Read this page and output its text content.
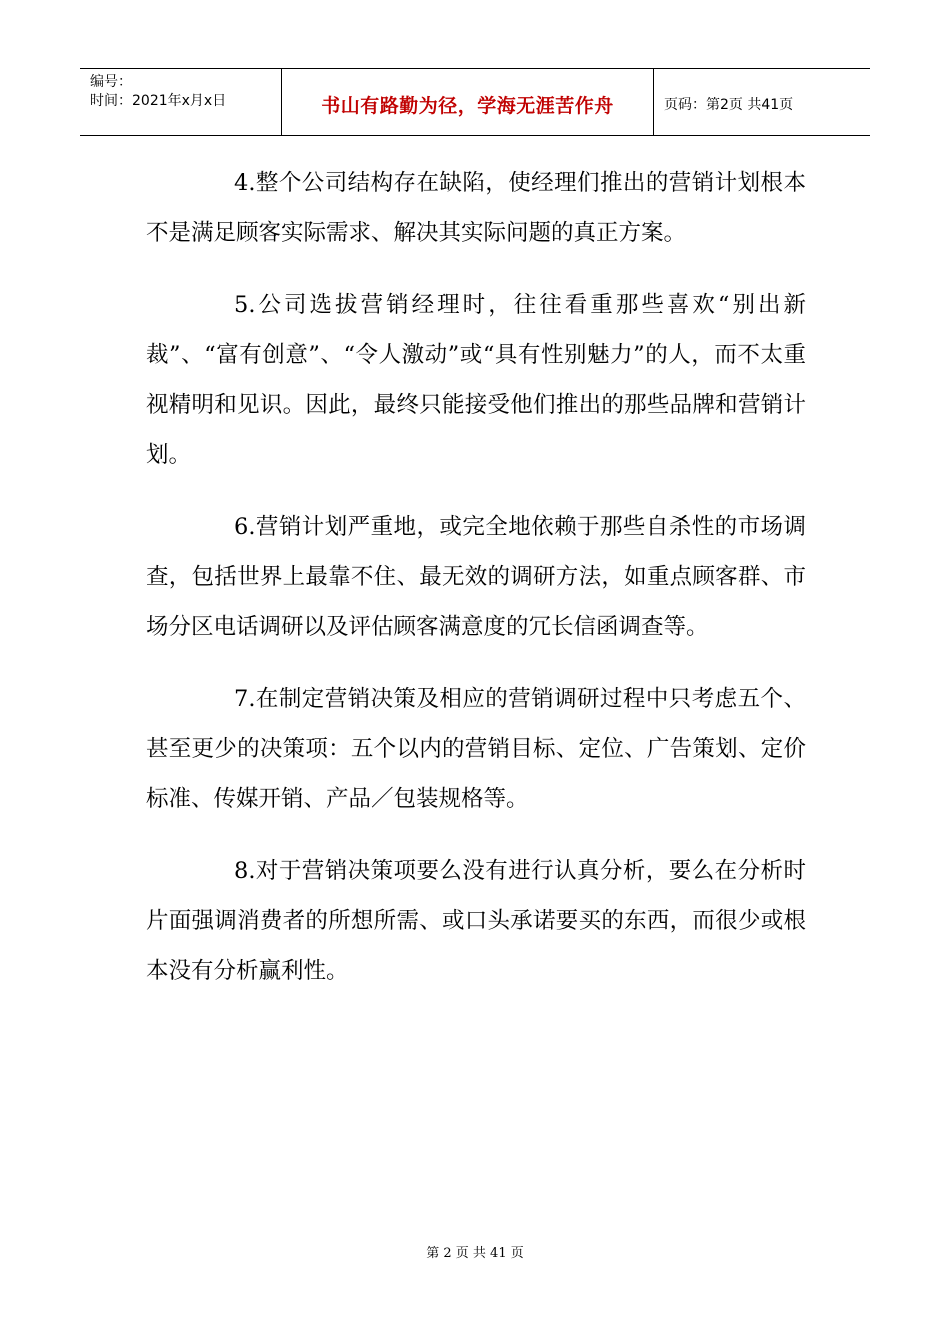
编号：
时间：2021年x月x日	书山有路勤为径，学海无涯苦作舟	页码：第2页 共41页

4.整个公司结构存在缺陷，使经理们推出的营销计划根本不是满足顾客实际需求、解决其实际问题的真正方案。

5.公司选拔营销经理时，往往看重那些喜欢“别出新裁”、“富有创意”、“令人激动”或“具有性别魅力”的人，而不太重视精明和见识。因此，最终只能接受他们推出的那些品牌和营销计划。

6.营销计划严重地，或完全地依赖于那些自杀性的市场调查，包括世界上最靠不住、最无效的调研方法，如重点顾客群、市场分区电话调研以及评估顾客满意度的冗长信函调查等。

7.在制定营销决策及相应的营销调研过程中只考虑五个、甚至更少的决策项：五个以内的营销目标、定位、广告策划、定价标准、传媒开销、产品／包装规格等。

8.对于营销决策项要么没有进行认真分析，要么在分析时片面强调消费者的所想所需、或口头承诺要买的东西，而很少或根本没有分析赢利性。

第 2 页 共 41 页
